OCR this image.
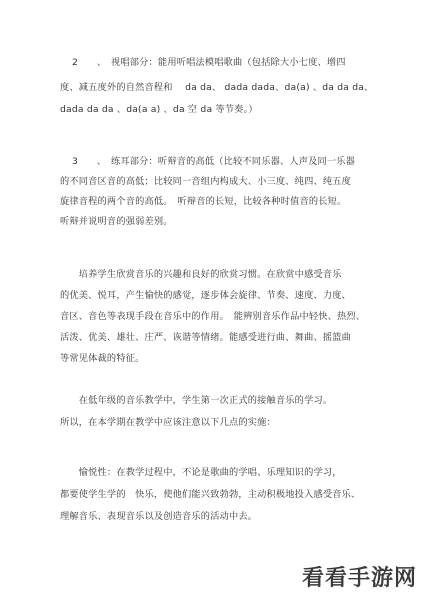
2　　、　视唱部分：能用听唱法模唱歌曲（包括除大小七度、增四
度、减五度外的自然音程和　 da da、 dada dada、da(a) 、da da da、
dada da da 、da(a a) 、da 空 da 等节奏。）
3　　、　练耳部分：听辩音的高低（比较不同乐器、人声及同一乐器
的不同音区音的高低；比较同一音组内构成大、小三度、纯四、纯五度
旋律音程的两个音的高低。　听辩音的长短，比较各种时值音的长短。
听辩并说明音的强弱差别。
　　培养学生欣赏音乐的兴趣和良好的欣赏习惯。在欣赏中感受音乐
的优美、悦耳，产生愉快的感觉，逐步体会旋律、节奏、速度、力度、
音区、音色等表现手段在音乐中的作用。　能辨别音乐作品中轻快、热烈、
活泼、优美、雄壮、庄严、诙谐等情绪。能感受进行曲、舞曲、摇篮曲
等常见体裁的特征。
　　在低年级的音乐教学中，学生第一次正式的接触音乐的学习。
所以，在本学期在教学中应该注意以下几点的实施：
　　愉悦性：在教学过程中，不论是歌曲的学唱、乐理知识的学习，
都要使学生学的　快乐，使他们能兴致勃勃，主动积极地投入感受音乐、
理解音乐、表现音乐以及创造音乐的活动中去。
看看手游网
